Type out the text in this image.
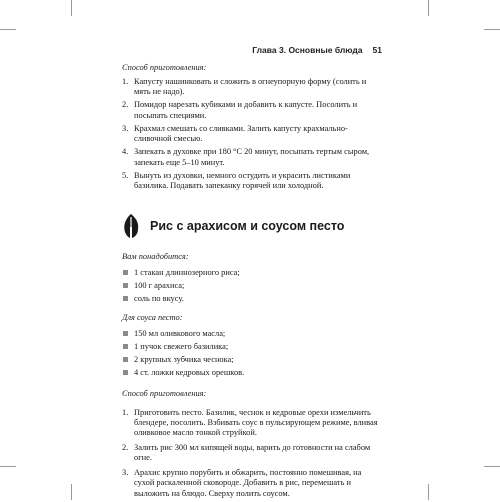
Глава 3. Основные блюда 51

Способ приготовления:

1. Капусту нашинковать и сложить в огнеупорную форму (солить и мять не надо).
2. Помидор нарезать кубиками и добавить к капусте. Посолить и посыпать специями.
3. Крахмал смешать со сливками. Залить капусту крахмально-сливочной смесью.
4. Запекать в духовке при 180 °С 20 минут, посыпать тертым сыром, запекать еще 5–10 минут.
5. Вынуть из духовки, немного остудить и украсить листиками базилика. Подавать запеканку горячей или холодной.
Рис с арахисом и соусом песто

Вам понадобится:

1 стакан длиннозерного риса;
100 г арахиса;
соль по вкусу.

Для соуса песто:

150 мл оливкового масла;
1 пучок свежего базилика;
2 крупных зубчика чеснока;
4 ст. ложки кедровых орешков.

Способ приготовления:

1. Приготовить песто. Базилик, чеснок и кедровые орехи измельчить блендере, посолить. Взбивать соус в пульсирующем режиме, вливая оливковое масло тонкой струйкой.
2. Залить рис 300 мл кипящей воды, варить до готовности на слабом огне.
3. Арахис крупно порубить и обжарить, постоянно помешивая, на сухой раскаленной сковороде. Добавить в рис, перемешать и выложить на блюдо. Сверху полить соусом.
